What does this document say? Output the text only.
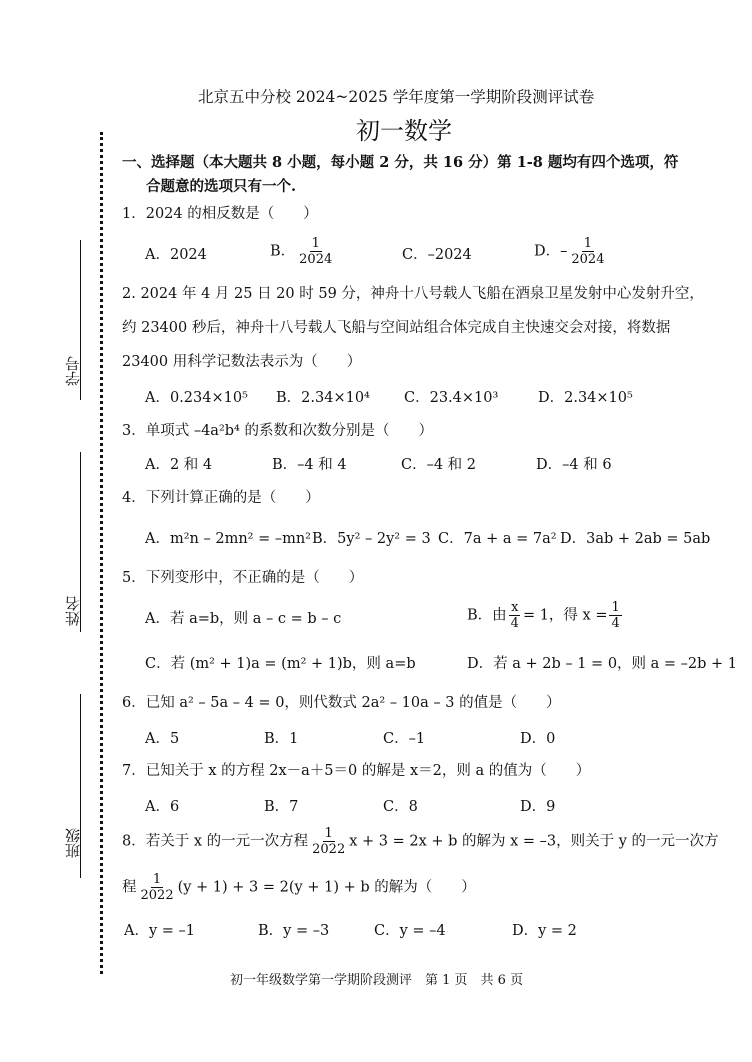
北京五中分校 2024~2025 学年度第一学期阶段测评试卷
初一数学
学号
姓名
班级
一、选择题（本大题共 8 小题，每小题 2 分，共 16 分）第 1-8 题均有四个选项，符
合题意的选项只有一个.
1．2024 的相反数是（　　）
A．2024	B． $\frac{1}{2024}$	C．–2024	D．– $\frac{1}{2024}$
2. 2024 年 4 月 25 日 20 时 59 分，神舟十八号载人飞船在酒泉卫星发射中心发射升空，
约 23400 秒后，神舟十八号载人飞船与空间站组合体完成自主快速交会对接，将数据
23400 用科学记数法表示为（　　）
A．0.234×10⁵ B．2.34×10⁴ C．23.4×10³	D．2.34×10⁵
3．单项式 –4a²b⁴ 的系数和次数分别是（　　）
A．2 和 4	B．–4 和 4	C．–4 和 2	D．–4 和 6
4．下列计算正确的是（　　）
A．m²n – 2mn² = –mn² B．5y² – 2y² = 3 C．7a + a = 7a² D．3ab + 2ab = 5ab
5．下列变形中，不正确的是（　　）
A．若 a=b，则 a – c = b – c	B．由 $\frac{x}{4} = 1$，得 $x = \frac{1}{4}$
C．若 (m² + 1)a = (m² + 1)b，则 a=b	D．若 a + 2b – 1 = 0，则 a = –2b + 1
6．已知 a² – 5a – 4 = 0，则代数式 2a² – 10a – 3 的值是（　　）
A．5	B．1	C．–1	D．0
7．已知关于 x 的方程 2x－a＋5＝0 的解是 x＝2，则 a 的值为（　　）
A．6	B．7	C．8	D．9
8．若关于 x 的一元一次方程 $\frac{1}{2022}$ x + 3 = 2x + b 的解为 x = –3，则关于 y 的一元一次方
程 $\frac{1}{2022} (y + 1) + 3 = 2(y + 1) + b$ 的解为（　　）
A．y = –1	B．y = –3	C．y = –4	D．y = 2
初一年级数学第一学期阶段测评　第 1 页　共 6 页
